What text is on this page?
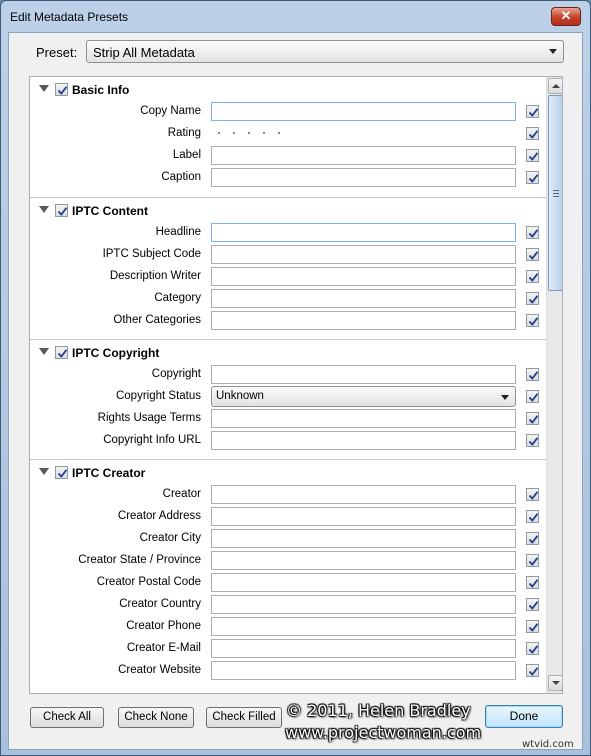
Edit Metadata Presets	✕
Preset:	Strip All Metadata
Basic Info
Copy Name
Rating
Label
Caption
IPTC Content
Headline
IPTC Subject Code
Description Writer
Category
Other Categories
IPTC Copyright
Copyright
Copyright Status	Unknown
Rights Usage Terms
Copyright Info URL
IPTC Creator
Creator
Creator Address
Creator City
Creator State / Province
Creator Postal Code
Creator Country
Creator Phone
Creator E-Mail
Creator Website
Check All	Check None	Check Filled	Done
© 2011, Helen Bradley
www.projectwoman.com
wtvid.com
